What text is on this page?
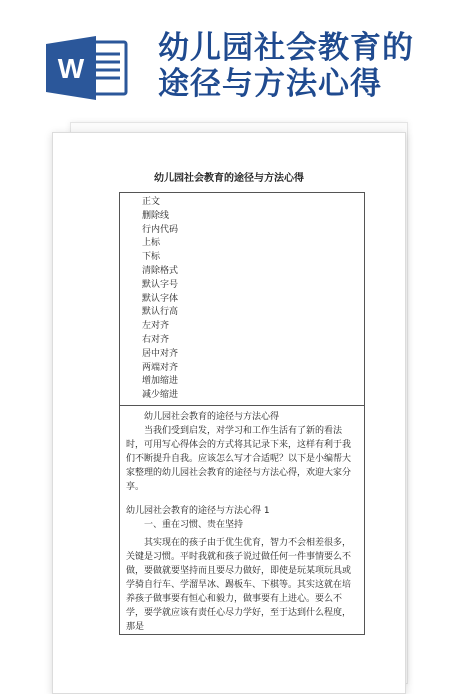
W
幼儿园社会教育的
途径与方法心得
幼儿园社会教育的途径与方法心得
正文
删除线
行内代码
上标
下标
清除格式
默认字号
默认字体
默认行高
左对齐
右对齐
居中对齐
两端对齐
增加缩进
减少缩进
幼儿园社会教育的途径与方法心得

当我们受到启发，对学习和工作生活有了新的看法时，可用写心得体会的方式将其记录下来，这样有利于我们不断提升自我。应该怎么写才合适呢？以下是小编帮大家整理的幼儿园社会教育的途径与方法心得，欢迎大家分享。

幼儿园社会教育的途径与方法心得 1
一、重在习惯、贵在坚持

其实现在的孩子由于优生优育，智力不会相差很多，关键是习惯。平时我就和孩子说过做任何一件事情要么不做，要做就要坚持而且要尽力做好，即使是玩某项玩具或学骑自行车、学溜旱冰、踢板车、下棋等。其实这就在培养孩子做事要有恒心和毅力，做事要有上进心。要么不学，要学就应该有责任心尽力学好，至于达到什么程度，那是
